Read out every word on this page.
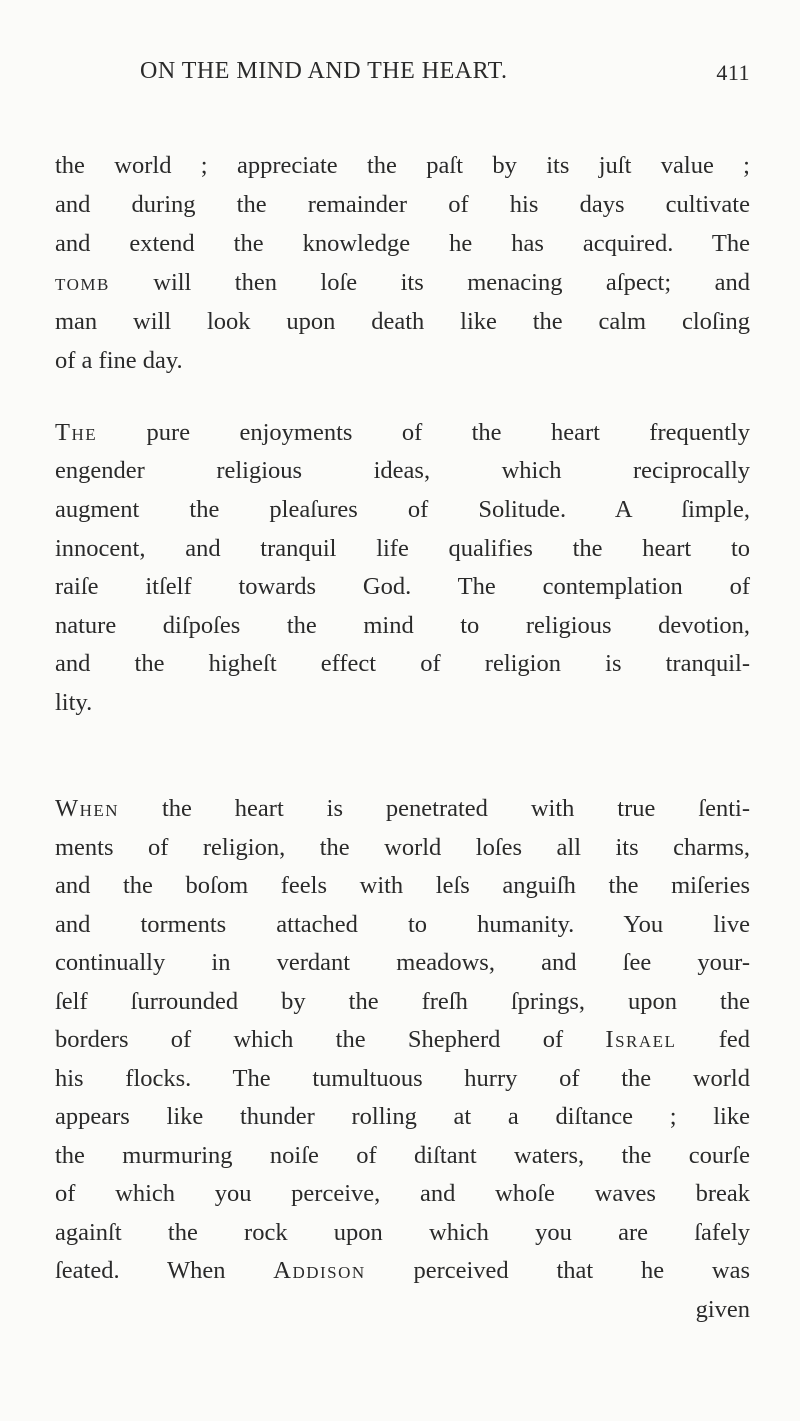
ON THE MIND AND THE HEART.	411
the world ; appreciate the paſt by its juſt value ;
and during the remainder of his days cultivate
and extend the knowledge he has acquired. The
tomb will then loſe its menacing aſpect; and
man will look upon death like the calm cloſing
of a fine day.
The pure enjoyments of the heart frequently
engender religious ideas, which reciprocally
augment the pleaſures of Solitude. A ſimple,
innocent, and tranquil life qualifies the heart to
raiſe itſelf towards God. The contemplation of
nature diſpoſes the mind to religious devotion,
and the higheſt effect of religion is tranquil-
lity.
When the heart is penetrated with true ſenti-
ments of religion, the world loſes all its charms,
and the boſom feels with leſs anguiſh the miſeries
and torments attached to humanity. You live
continually in verdant meadows, and ſee your-
ſelf ſurrounded by the freſh ſprings, upon the
borders of which the Shepherd of Israel fed
his flocks. The tumultuous hurry of the world
appears like thunder rolling at a diſtance ; like
the murmuring noiſe of diſtant waters, the courſe
of which you perceive, and whoſe waves break
againſt the rock upon which you are ſafely
ſeated. When Addison perceived that he was
given
